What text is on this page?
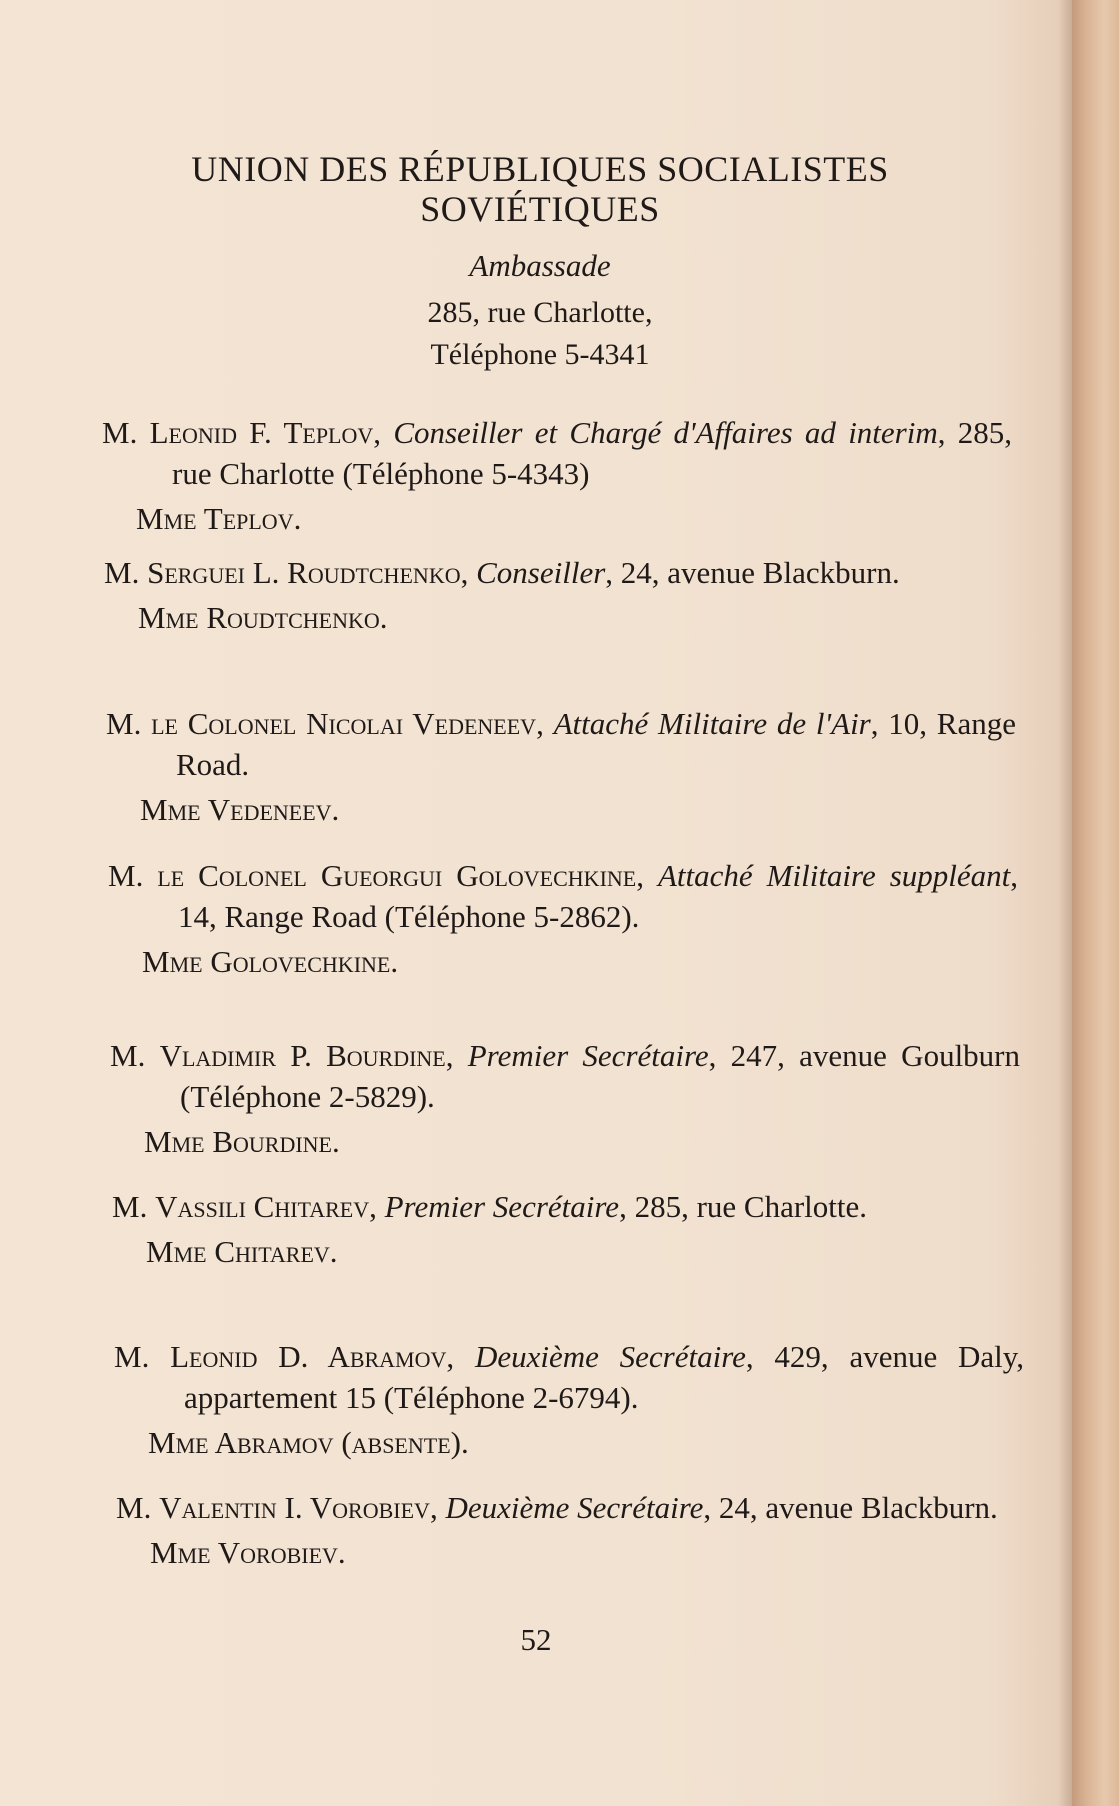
UNION DES RÉPUBLIQUES SOCIALISTES
SOVIÉTIQUES
Ambassade
285, rue Charlotte,
Téléphone 5-4341
M. Leonid F. Teplov, Conseiller et Chargé d'Affaires ad interim, 285, rue Charlotte (Téléphone 5-4343)
Mme Teplov.
M. Serguei L. Roudtchenko, Conseiller, 24, avenue Blackburn.
Mme Roudtchenko.
M. le Colonel Nicolai Vedeneev, Attaché Militaire de l'Air, 10, Range Road.
Mme Vedeneev.
M. le Colonel Gueorgui Golovechkine, Attaché Militaire suppléant, 14, Range Road (Téléphone 5-2862).
Mme Golovechkine.
M. Vladimir P. Bourdine, Premier Secrétaire, 247, avenue Goulburn (Téléphone 2-5829).
Mme Bourdine.
M. Vassili Chitarev, Premier Secrétaire, 285, rue Charlotte.
Mme Chitarev.
M. Leonid D. Abramov, Deuxième Secrétaire, 429, avenue Daly, appartement 15 (Téléphone 2-6794).
Mme Abramov (absente).
M. Valentin I. Vorobiev, Deuxième Secrétaire, 24, avenue Blackburn.
Mme Vorobiev.
52
